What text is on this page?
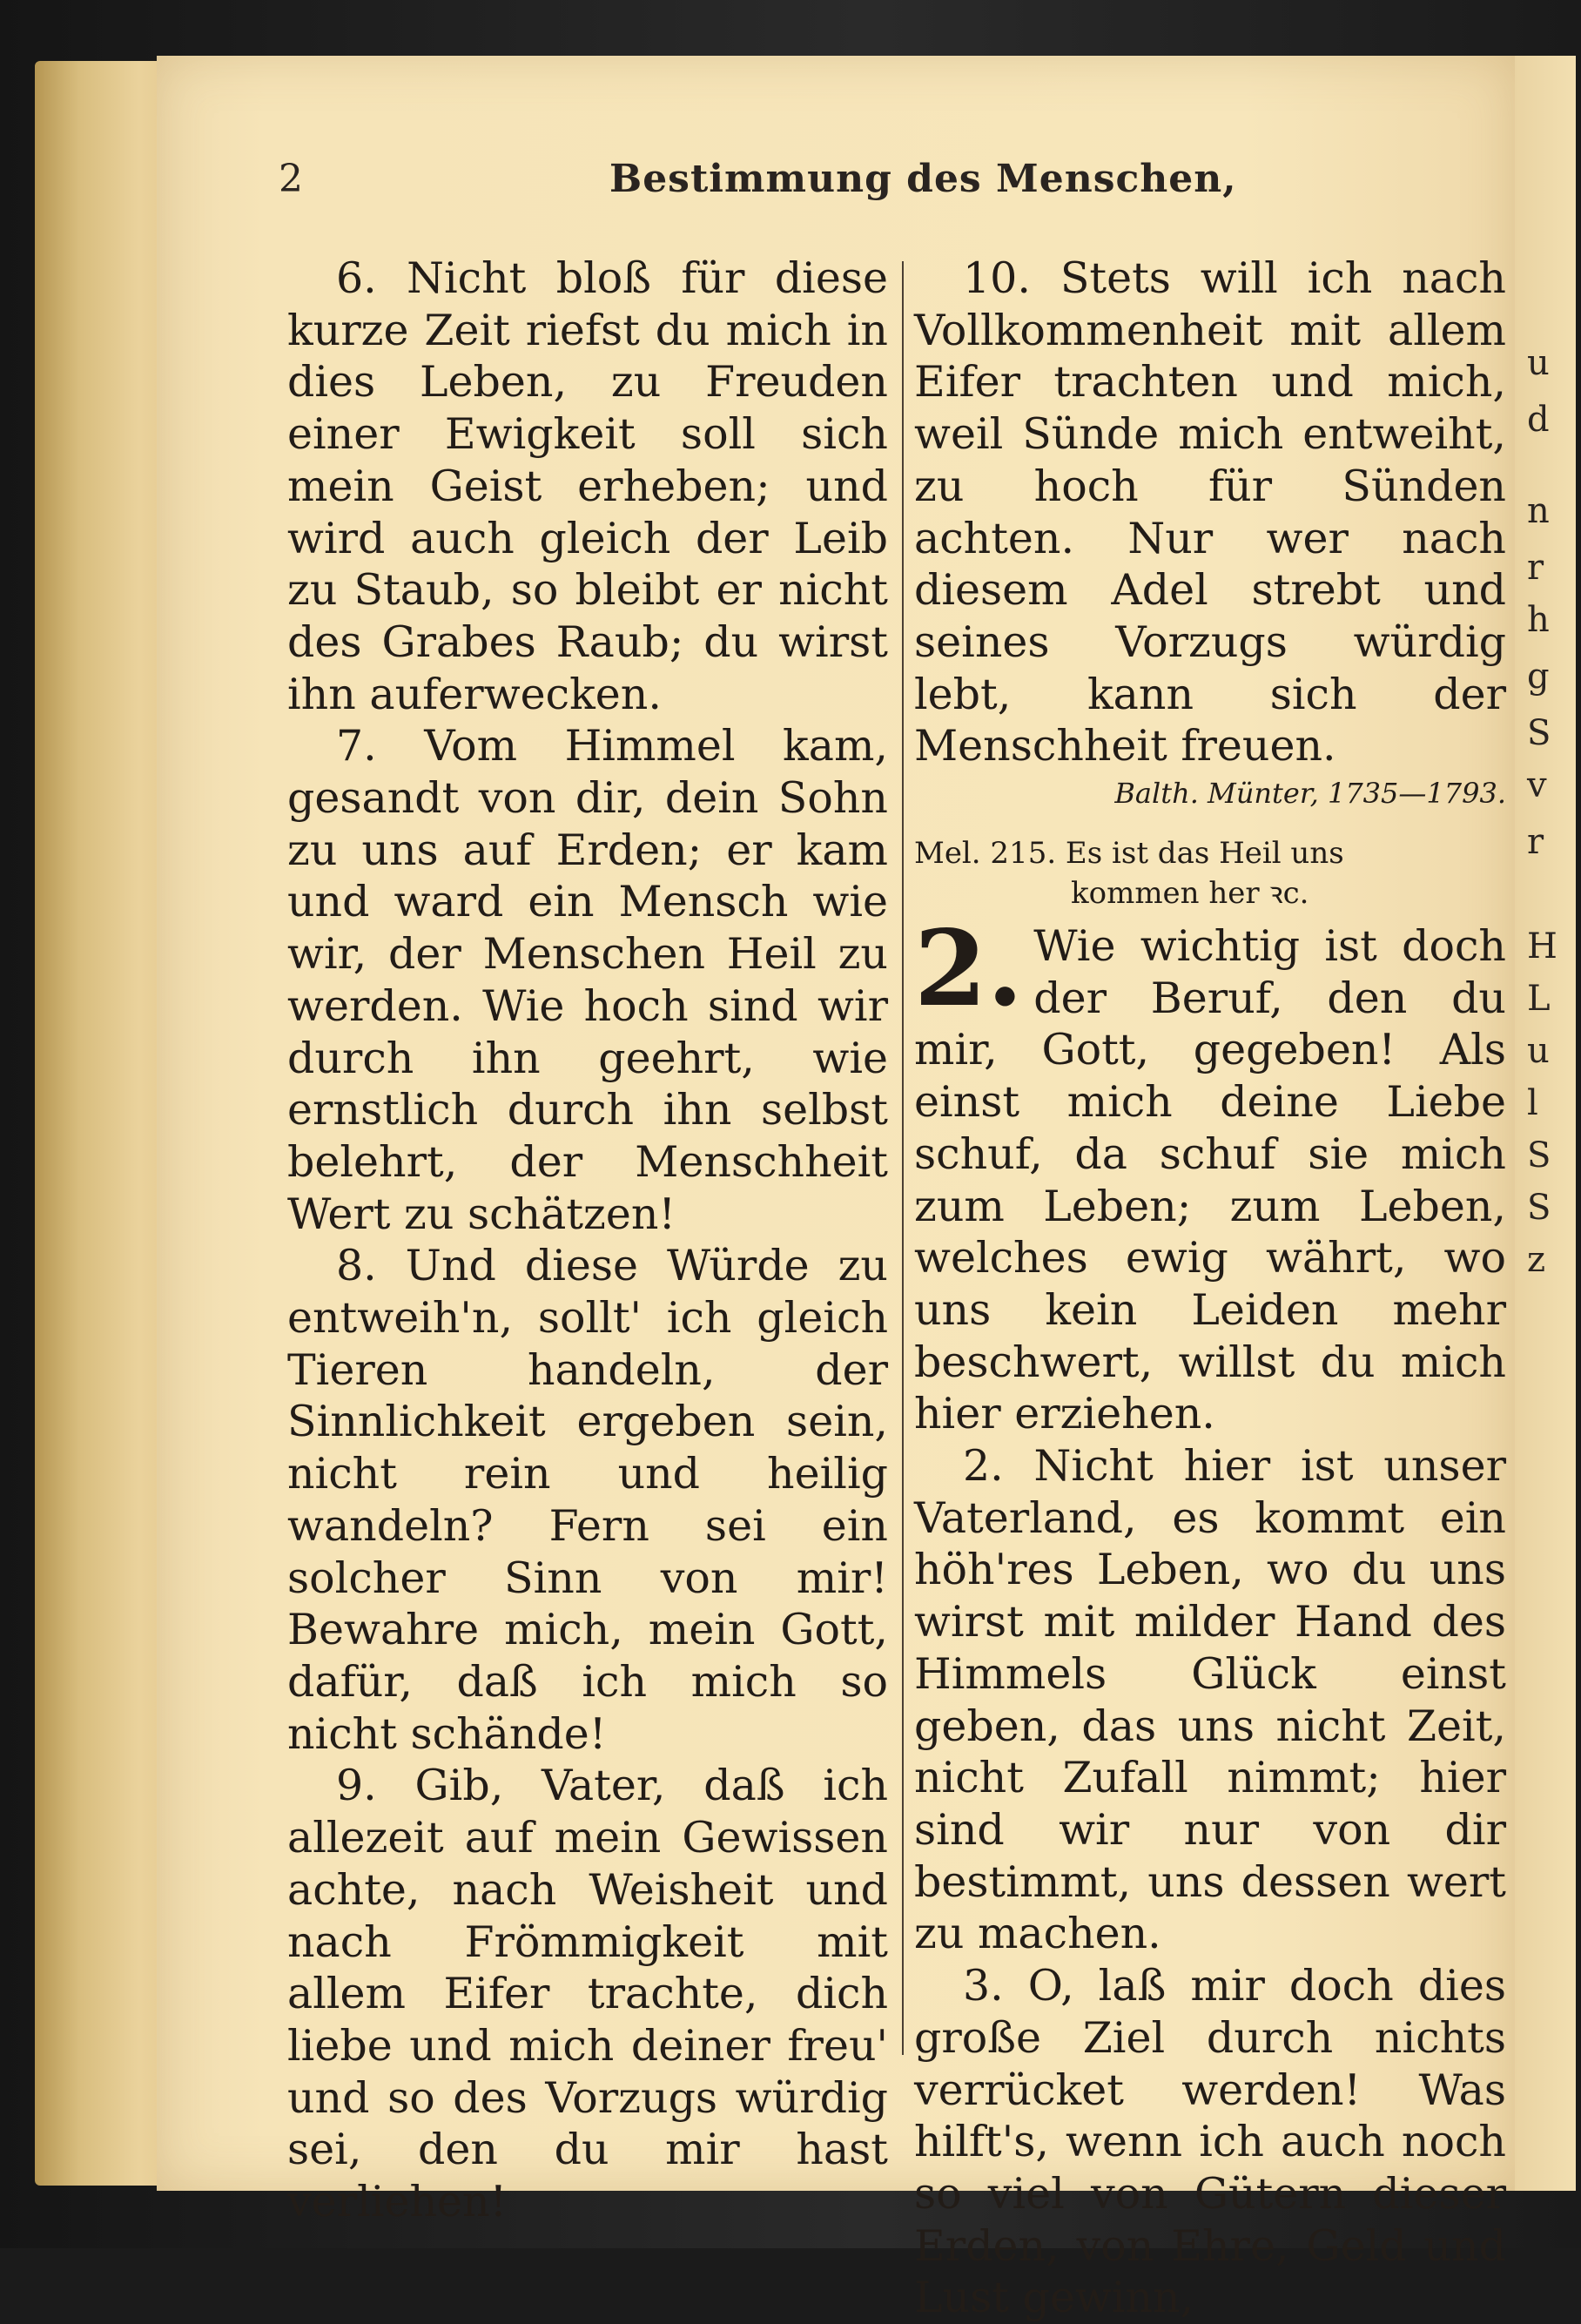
u
d
n
r
h
g
S
v
r
H
L
u
l
S
S
z
2	Bestimmung des Menschen,

6. Nicht bloß für diese kurze Zeit riefst du mich in dies Leben, zu Freuden einer Ewigkeit soll sich mein Geist erheben; und wird auch gleich der Leib zu Staub, so bleibt er nicht des Grabes Raub; du wirst ihn auferwecken.

7. Vom Himmel kam, gesandt von dir, dein Sohn zu uns auf Erden; er kam und ward ein Mensch wie wir, der Menschen Heil zu werden. Wie hoch sind wir durch ihn geehrt, wie ernstlich durch ihn selbst belehrt, der Menschheit Wert zu schätzen!

8. Und diese Würde zu entweih'n, sollt' ich gleich Tieren handeln, der Sinnlichkeit ergeben sein, nicht rein und heilig wandeln? Fern sei ein solcher Sinn von mir! Bewahre mich, mein Gott, dafür, daß ich mich so nicht schände!

9. Gib, Vater, daß ich allezeit auf mein Gewissen achte, nach Weisheit und nach Frömmigkeit mit allem Eifer trachte, dich liebe und mich deiner freu' und so des Vorzugs würdig sei, den du mir hast verliehen!

10. Stets will ich nach Vollkommenheit mit allem Eifer trachten und mich, weil Sünde mich entweiht, zu hoch für Sünden achten. Nur wer nach diesem Adel strebt und seines Vorzugs würdig lebt, kann sich der Menschheit freuen.

Balth. Münter, 1735—1793.

Mel. 215. Es ist das Heil uns
kommen her ꝛc.

2. Wie wichtig ist doch der Beruf, den du mir, Gott, gegeben! Als einst mich deine Liebe schuf, da schuf sie mich zum Leben; zum Leben, welches ewig währt, wo uns kein Leiden mehr beschwert, willst du mich hier erziehen.

2. Nicht hier ist unser Vaterland, es kommt ein höh'res Leben, wo du uns wirst mit milder Hand des Himmels Glück einst geben, das uns nicht Zeit, nicht Zufall nimmt; hier sind wir nur von dir bestimmt, uns dessen wert zu machen.

3. O, laß mir doch dies große Ziel durch nichts verrücket werden! Was hilft's, wenn ich auch noch so viel von Gütern dieser Erden, von Ehre, Geld und Lust gewinn,
